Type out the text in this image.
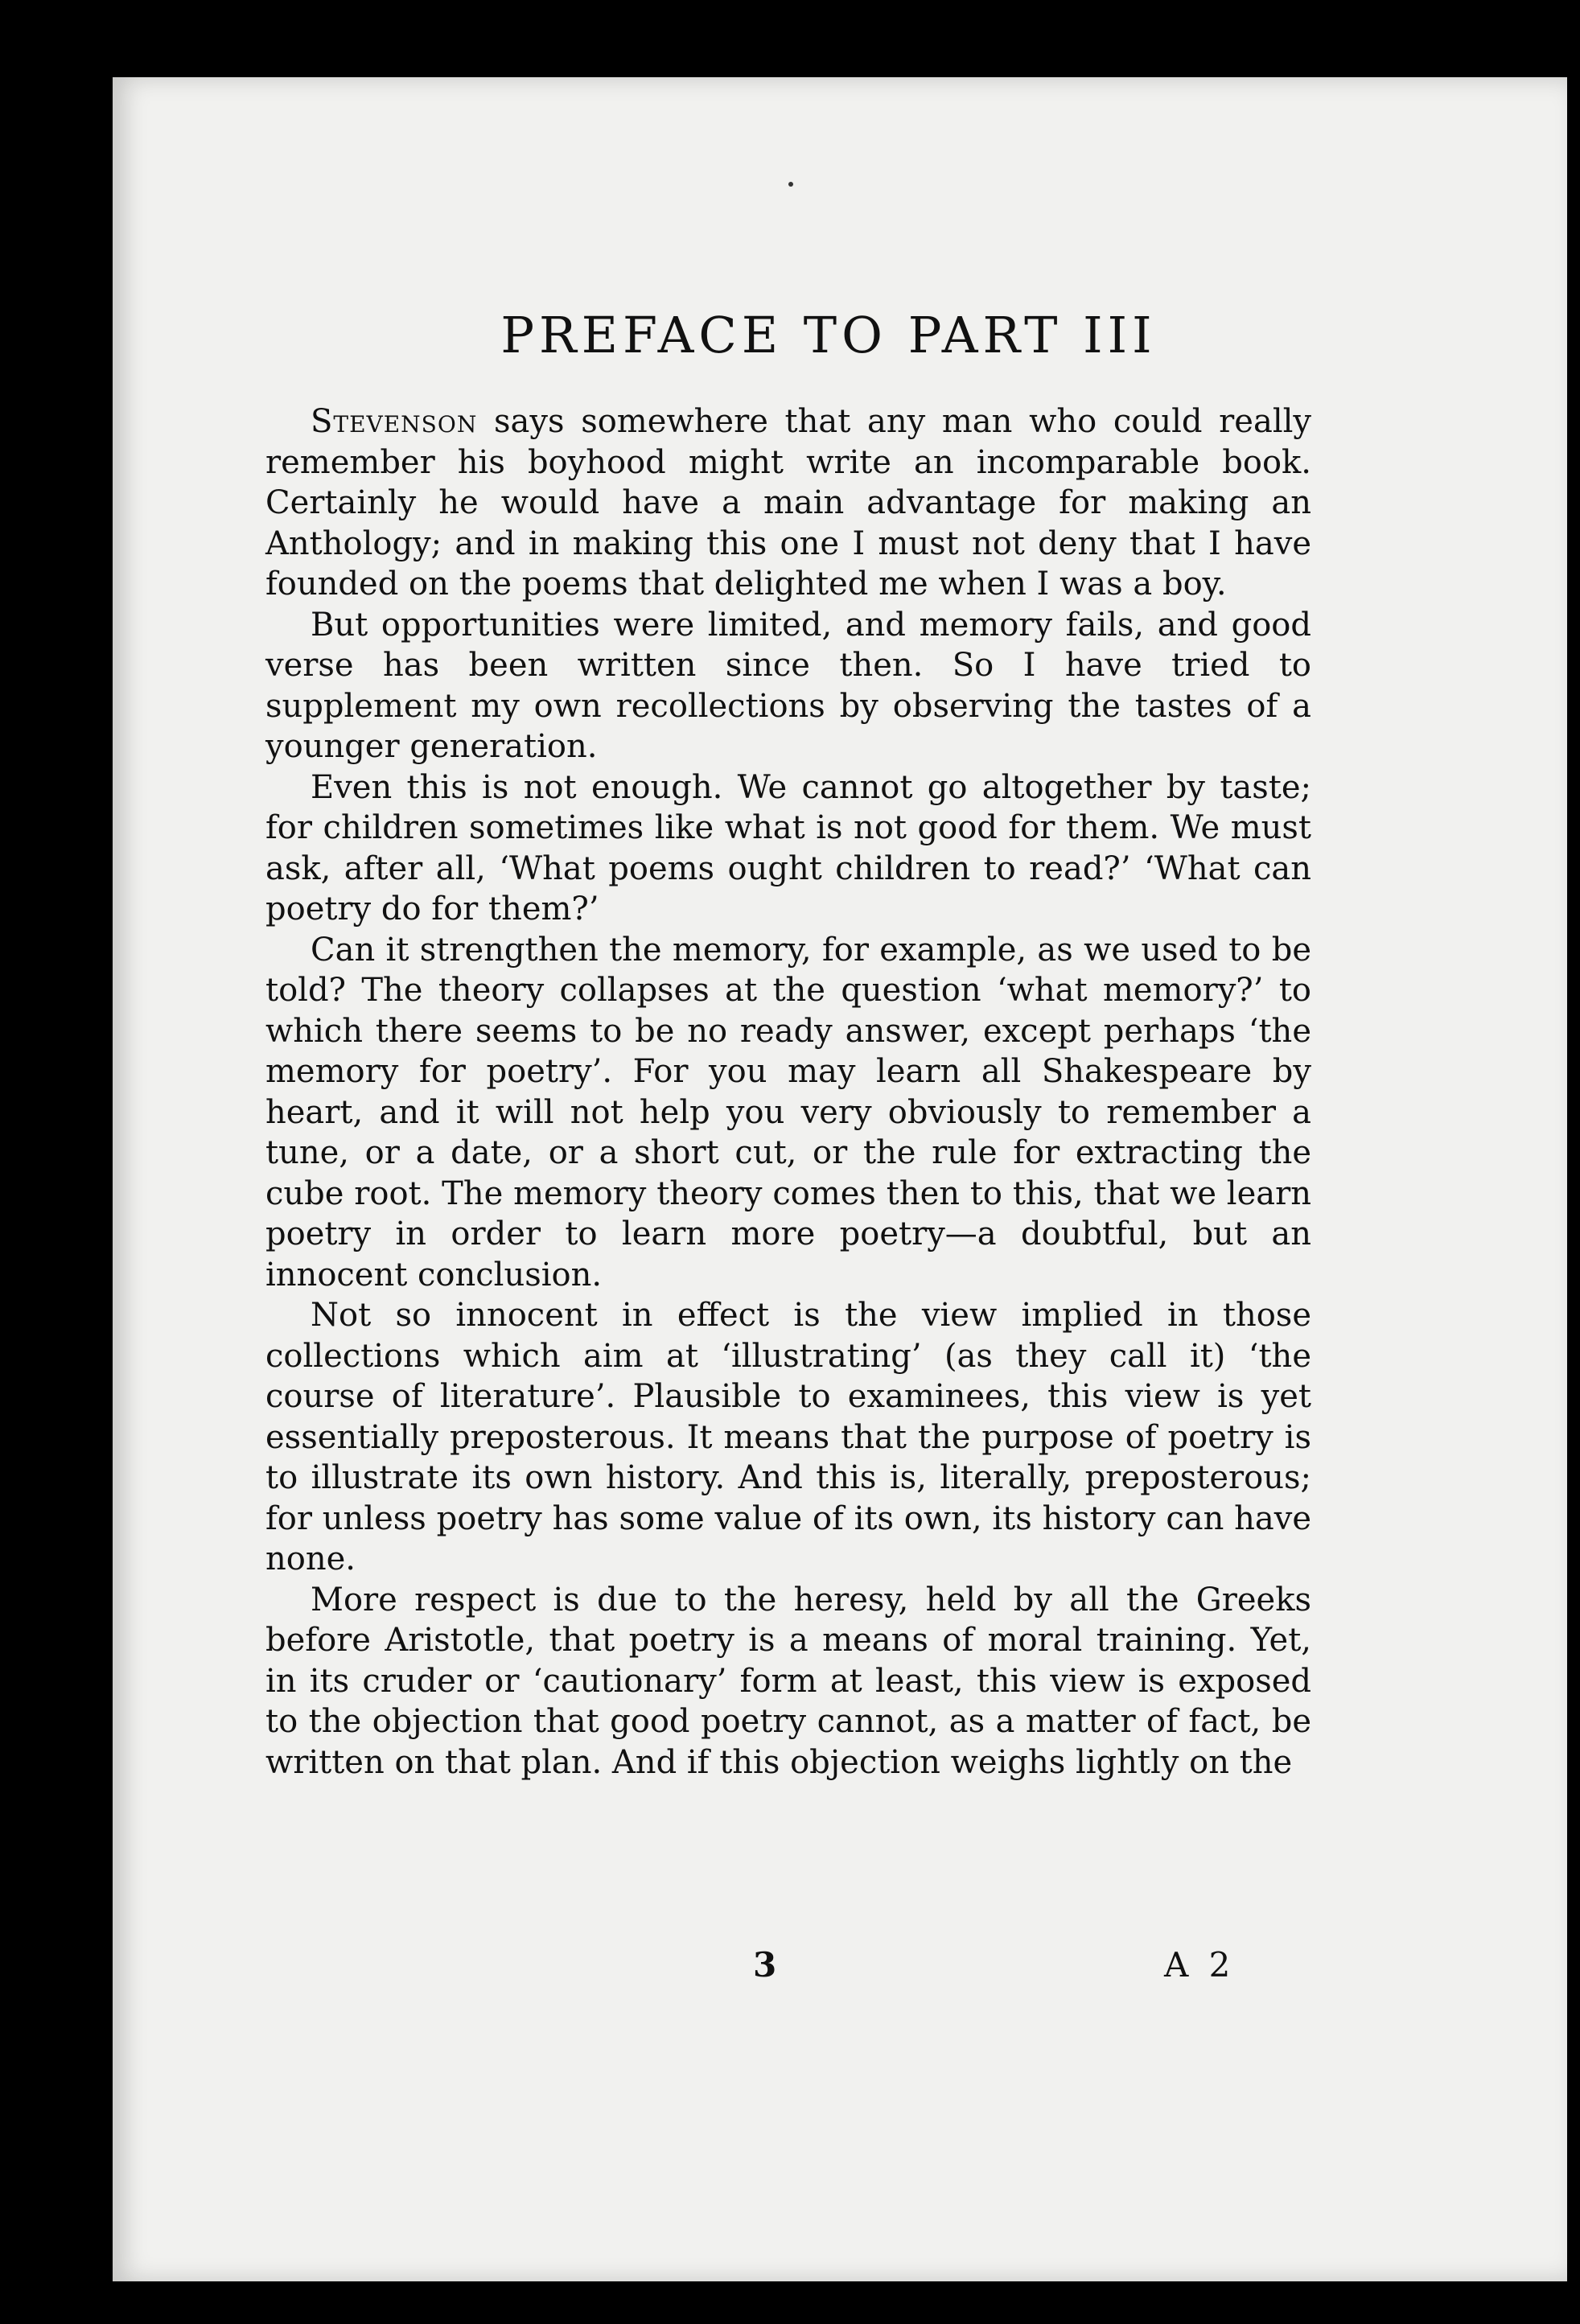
PREFACE TO PART III

Stevenson says somewhere that any man who could really remember his boyhood might write an incomparable book. Certainly he would have a main advantage for making an Anthology; and in making this one I must not deny that I have founded on the poems that delighted me when I was a boy.

But opportunities were limited, and memory fails, and good verse has been written since then. So I have tried to supplement my own recollections by observing the tastes of a younger generation.

Even this is not enough. We cannot go altogether by taste; for children sometimes like what is not good for them. We must ask, after all, ‘What poems ought children to read?’ ‘What can poetry do for them?’

Can it strengthen the memory, for example, as we used to be told? The theory collapses at the question ‘what memory?’ to which there seems to be no ready answer, except perhaps ‘the memory for poetry’. For you may learn all Shakespeare by heart, and it will not help you very obviously to remember a tune, or a date, or a short cut, or the rule for extracting the cube root. The memory theory comes then to this, that we learn poetry in order to learn more poetry—a doubtful, but an innocent conclusion.

Not so innocent in effect is the view implied in those collections which aim at ‘illustrating’ (as they call it) ‘the course of literature’. Plausible to examinees, this view is yet essentially preposterous. It means that the purpose of poetry is to illustrate its own history. And this is, literally, preposterous; for unless poetry has some value of its own, its history can have none.

More respect is due to the heresy, held by all the Greeks before Aristotle, that poetry is a means of moral training. Yet, in its cruder or ‘cautionary’ form at least, this view is exposed to the objection that good poetry cannot, as a matter of fact, be written on that plan. And if this objection weighs lightly on the

3	A 2
